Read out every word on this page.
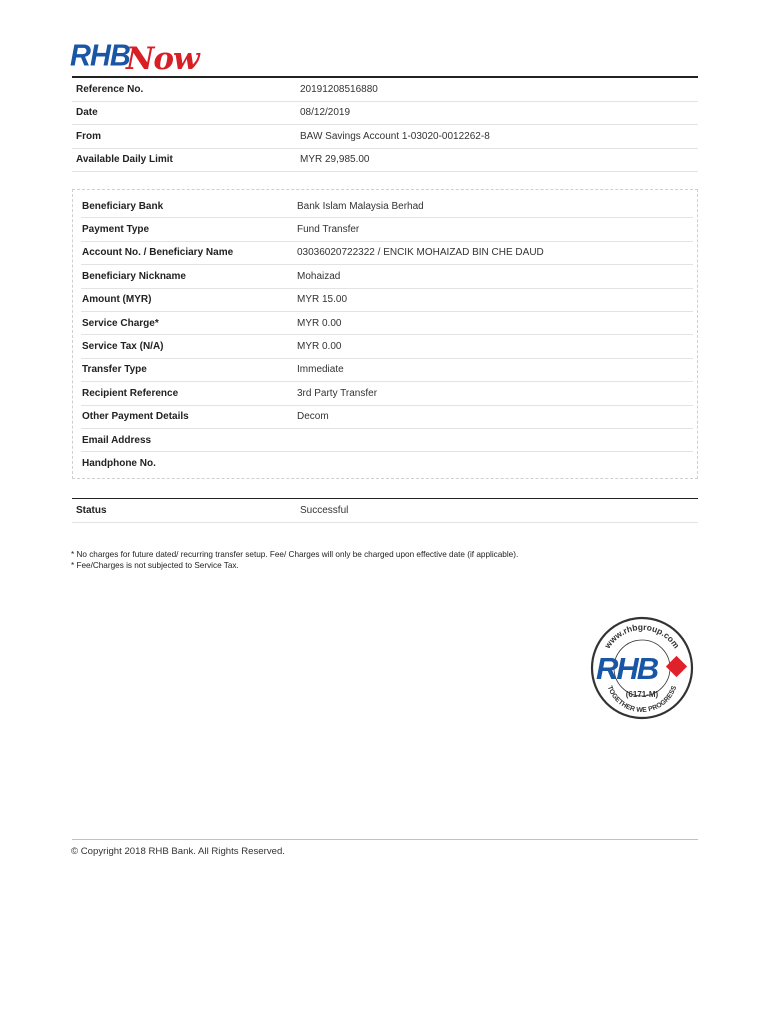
RHB
Now
Reference No.	20191208516880
Date	08/12/2019
From	BAW Savings Account 1-03020-0012262-8
Available Daily Limit	MYR 29,985.00
Beneficiary Bank	Bank Islam Malaysia Berhad
Payment Type	Fund Transfer
Account No. / Beneficiary Name	03036020722322 / ENCIK MOHAIZAD BIN CHE DAUD
Beneficiary Nickname	Mohaizad
Amount (MYR)	MYR 15.00
Service Charge*	MYR 0.00
Service Tax (N/A)	MYR 0.00
Transfer Type	Immediate
Recipient Reference	3rd Party Transfer
Other Payment Details	Decom
Email Address	
Handphone No.	
Status	Successful
* No charges for future dated/ recurring transfer setup. Fee/ Charges will only be charged upon effective date (if applicable).
* Fee/Charges is not subjected to Service Tax.
www.rhbgroup.com
TOGETHER WE PROGRESS
RHB
(6171-M)
© Copyright 2018 RHB Bank. All Rights Reserved.
